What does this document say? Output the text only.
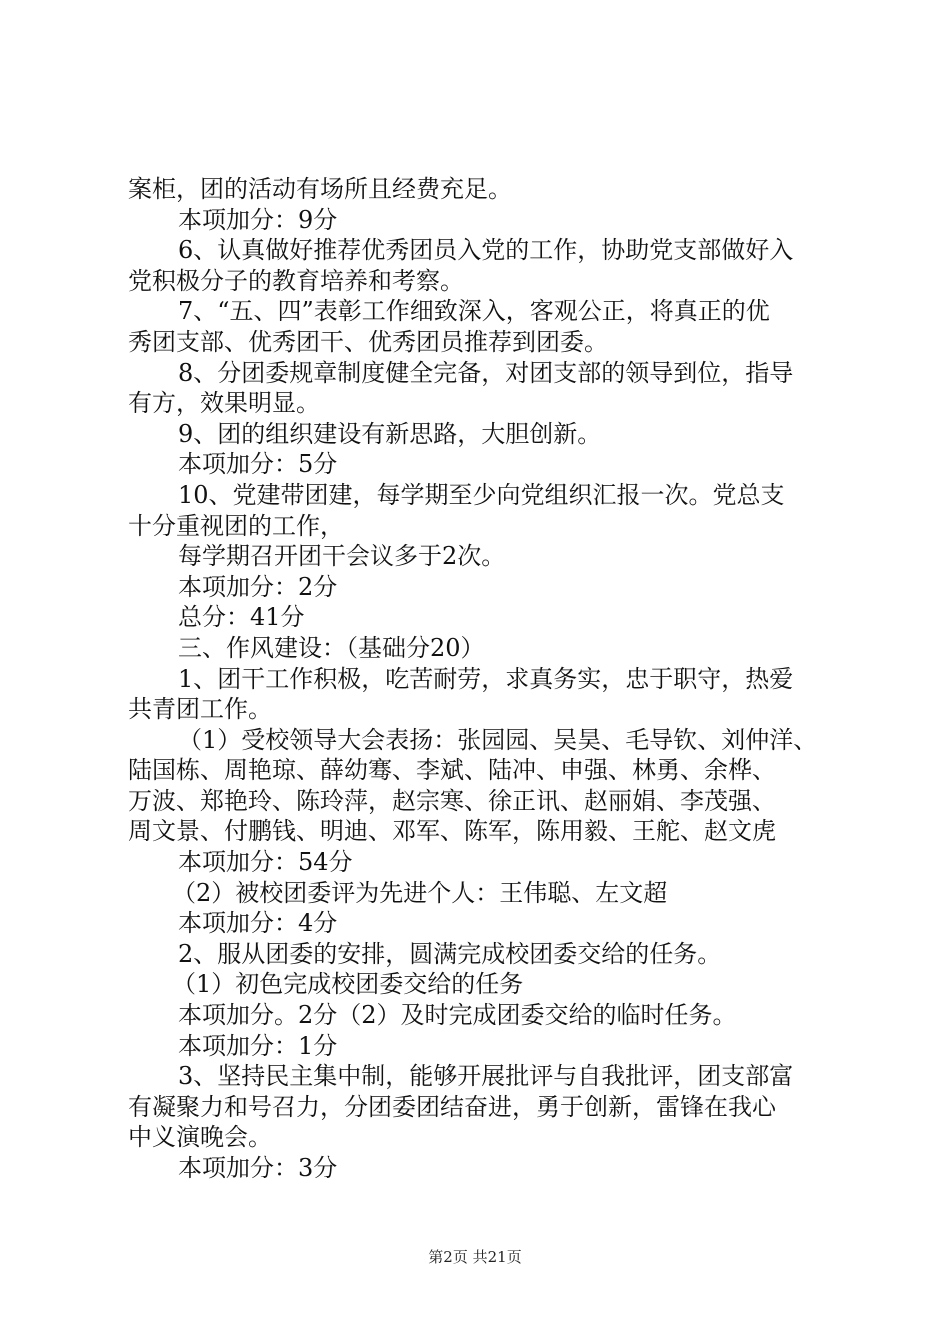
案柜，团的活动有场所且经费充足。
本项加分：9分
6、认真做好推荐优秀团员入党的工作，协助党支部做好入
党积极分子的教育培养和考察。
7、“五、四”表彰工作细致深入，客观公正，将真正的优
秀团支部、优秀团干、优秀团员推荐到团委。
8、分团委规章制度健全完备，对团支部的领导到位，指导
有方，效果明显。
9、团的组织建设有新思路，大胆创新。
本项加分：5分
10、党建带团建，每学期至少向党组织汇报一次。党总支
十分重视团的工作，
每学期召开团干会议多于2次。
本项加分：2分
总分：41分
三、作风建设：（基础分20）
1、团干工作积极，吃苦耐劳，求真务实，忠于职守，热爱
共青团工作。
（1）受校领导大会表扬：张园园、吴昊、毛导钦、刘仲洋、
陆国栋、周艳琼、薛幼骞、李斌、陆冲、申强、林勇、余桦、
万波、郑艳玲、陈玲萍，赵宗寒、徐正讯、赵丽娟、李茂强、
周文景、付鹏钱、明迪、邓军、陈军，陈用毅、王舵、赵文虎
本项加分：54分
（2）被校团委评为先进个人：王伟聪、左文超
本项加分：4分
2、服从团委的安排，圆满完成校团委交给的任务。
（1）初色完成校团委交给的任务
本项加分。2分（2）及时完成团委交给的临时任务。
本项加分：1分
3、坚持民主集中制，能够开展批评与自我批评，团支部富
有凝聚力和号召力，分团委团结奋进，勇于创新，雷锋在我心
中义演晚会。
本项加分：3分
第2页 共21页
